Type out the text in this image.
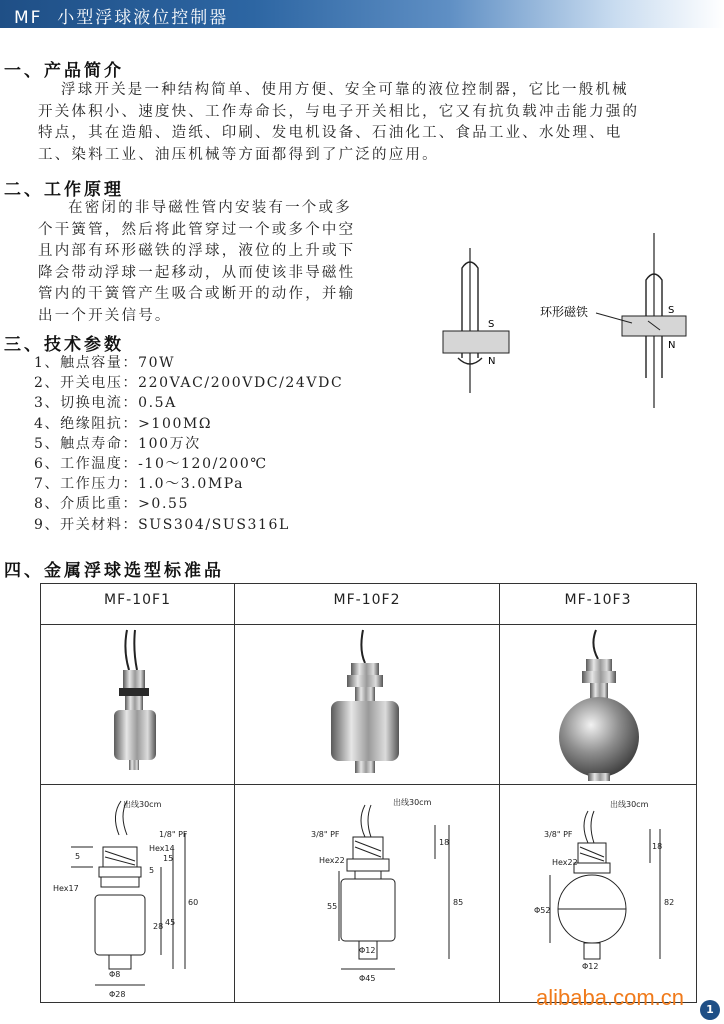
MF  小型浮球液位控制器
一、产品简介
浮球开关是一种结构简单、使用方便、安全可靠的液位控制器，它比一般机械
开关体积小、速度快、工作寿命长，与电子开关相比，它又有抗负载冲击能力强的
特点，其在造船、造纸、印刷、发电机设备、石油化工、食品工业、水处理、电
工、染料工业、油压机械等方面都得到了广泛的应用。
二、工作原理
在密闭的非导磁性管内安装有一个或多
个干簧管，然后将此管穿过一个或多个中空
且内部有环形磁铁的浮球，液位的上升或下
降会带动浮球一起移动，从而使该非导磁性
管内的干簧管产生吸合或断开的动作，并输
出一个开关信号。
S
N
S
N
环形磁铁
三、技术参数
1、触点容量：70W
2、开关电压：220VAC/200VDC/24VDC
3、切换电流：0.5A
4、绝缘阻抗：>100MΩ
5、触点寿命：100万次
6、工作温度：-10～120/200℃
7、工作压力：1.0～3.0MPa
8、介质比重：>0.55
9、开关材料：SUS304/SUS316L
四、金属浮球选型标准品
MF-10F1	MF-10F2	MF-10F3
出线30cm
1/8" PF
Hex14
Hex17
5
5
15
28 45
60
Φ8
Φ28
出线30cm
3/8" PF
Hex22
18
55	85
Φ12
Φ45
出线30cm
3/8" PF
Hex22
18
Φ52
82
Φ12
alibaba.com.cn	1
